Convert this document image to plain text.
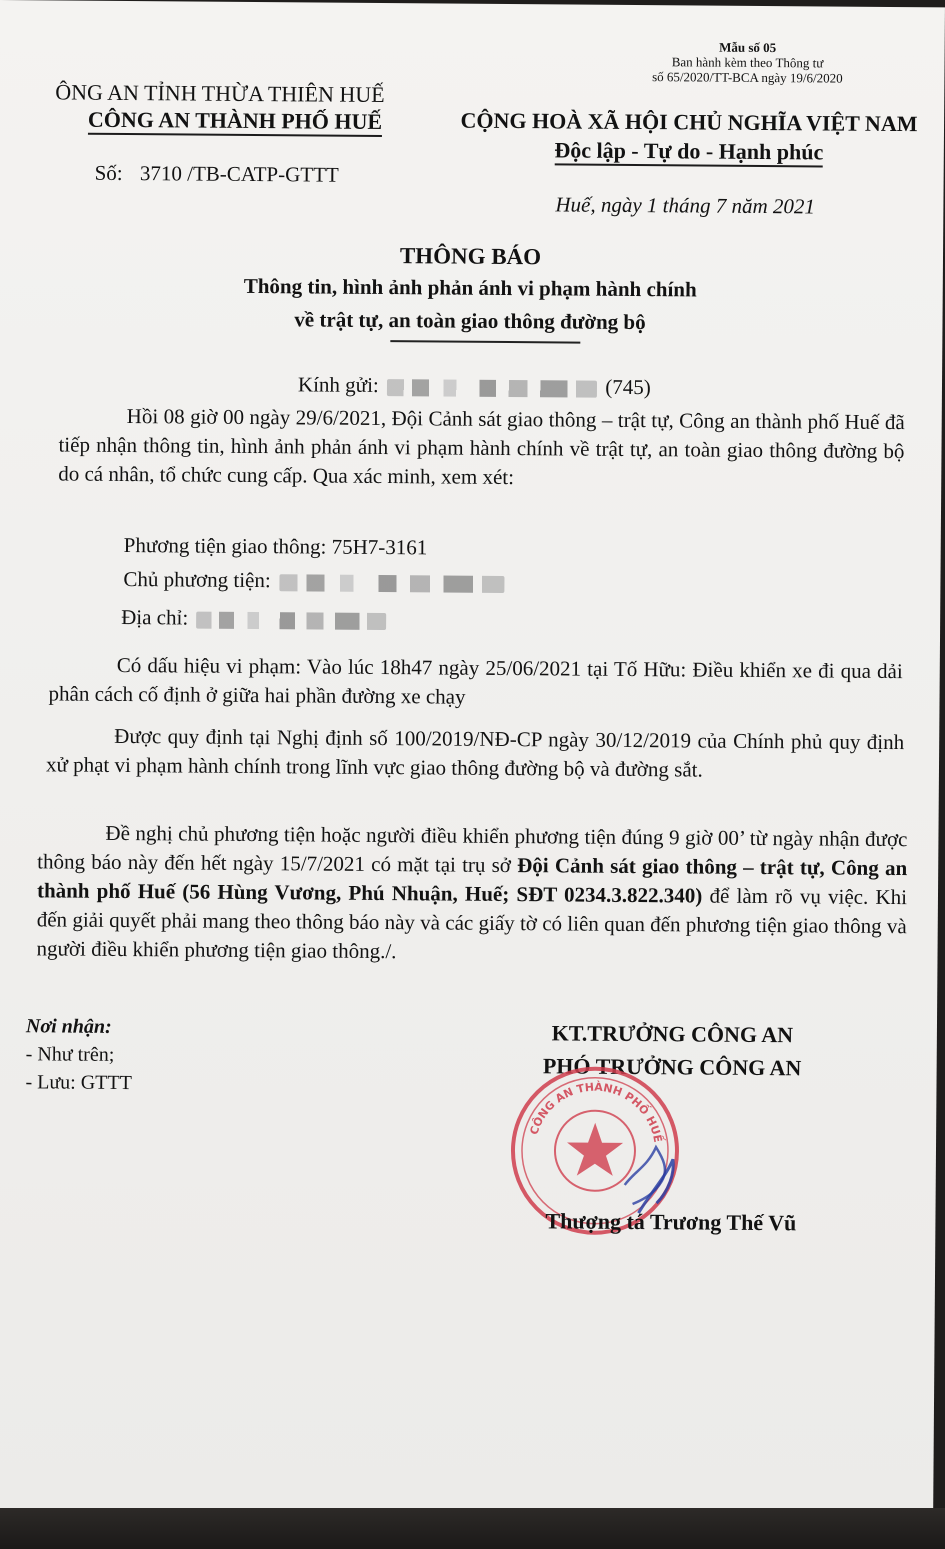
Mẫu số 05
Ban hành kèm theo Thông tư
số 65/2020/TT-BCA ngày 19/6/2020
ÔNG AN TỈNH THỪA THIÊN HUẾ
CÔNG AN THÀNH PHỐ HUẾ	CỘNG HOÀ XÃ HỘI CHỦ NGHĨA VIỆT NAM
Độc lập - Tự do - Hạnh phúc
Số: 3710 /TB-CATP-GTTT
Huế, ngày 1 tháng 7 năm 2021
THÔNG BÁO
Thông tin, hình ảnh phản ánh vi phạm hành chính
về trật tự, an toàn giao thông đường bộ
Kính gửi:	(745)
Hồi 08 giờ 00 ngày 29/6/2021, Đội Cảnh sát giao thông – trật tự, Công an thành phố Huế đã tiếp nhận thông tin, hình ảnh phản ánh vi phạm hành chính về trật tự, an toàn giao thông đường bộ do cá nhân, tổ chức cung cấp. Qua xác minh, xem xét:
Phương tiện giao thông: 75H7-3161
Chủ phương tiện:
Địa chỉ:
Có dấu hiệu vi phạm: Vào lúc 18h47 ngày 25/06/2021 tại Tố Hữu: Điều khiển xe đi qua dải phân cách cố định ở giữa hai phần đường xe chạy
Được quy định tại Nghị định số 100/2019/NĐ-CP ngày 30/12/2019 của Chính phủ quy định xử phạt vi phạm hành chính trong lĩnh vực giao thông đường bộ và đường sắt.
Đề nghị chủ phương tiện hoặc người điều khiển phương tiện đúng 9 giờ 00’ từ ngày nhận được thông báo này đến hết ngày 15/7/2021 có mặt tại trụ sở Đội Cảnh sát giao thông – trật tự, Công an thành phố Huế (56 Hùng Vương, Phú Nhuận, Huế; SĐT 0234.3.822.340) để làm rõ vụ việc. Khi đến giải quyết phải mang theo thông báo này và các giấy tờ có liên quan đến phương tiện giao thông và người điều khiển phương tiện giao thông./.
Nơi nhận:
- Như trên;
- Lưu: GTTT
KT.TRƯỞNG CÔNG AN
PHÓ TRƯỞNG CÔNG AN
CÔNG AN THÀNH PHỐ HUẾ
Thượng tá Trương Thế Vũ
